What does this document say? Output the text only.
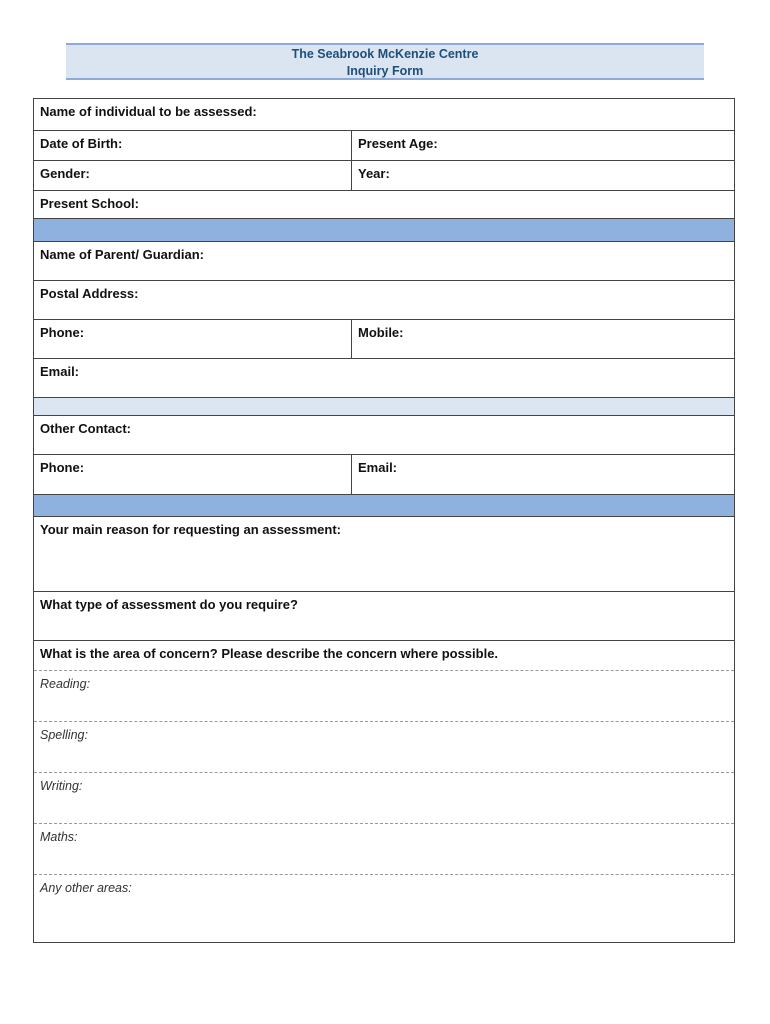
The Seabrook McKenzie Centre
Inquiry Form
Name of individual to be assessed:
Date of Birth:	Present Age:
Gender:	Year:
Present School:
Name of Parent/ Guardian:
Postal Address:
Phone:	Mobile:
Email:
Other Contact:
Phone:	Email:
Your main reason for requesting an assessment:
What type of assessment do you require?
What is the area of concern? Please describe the concern where possible.
Reading:
Spelling:
Writing:
Maths:
Any other areas:
